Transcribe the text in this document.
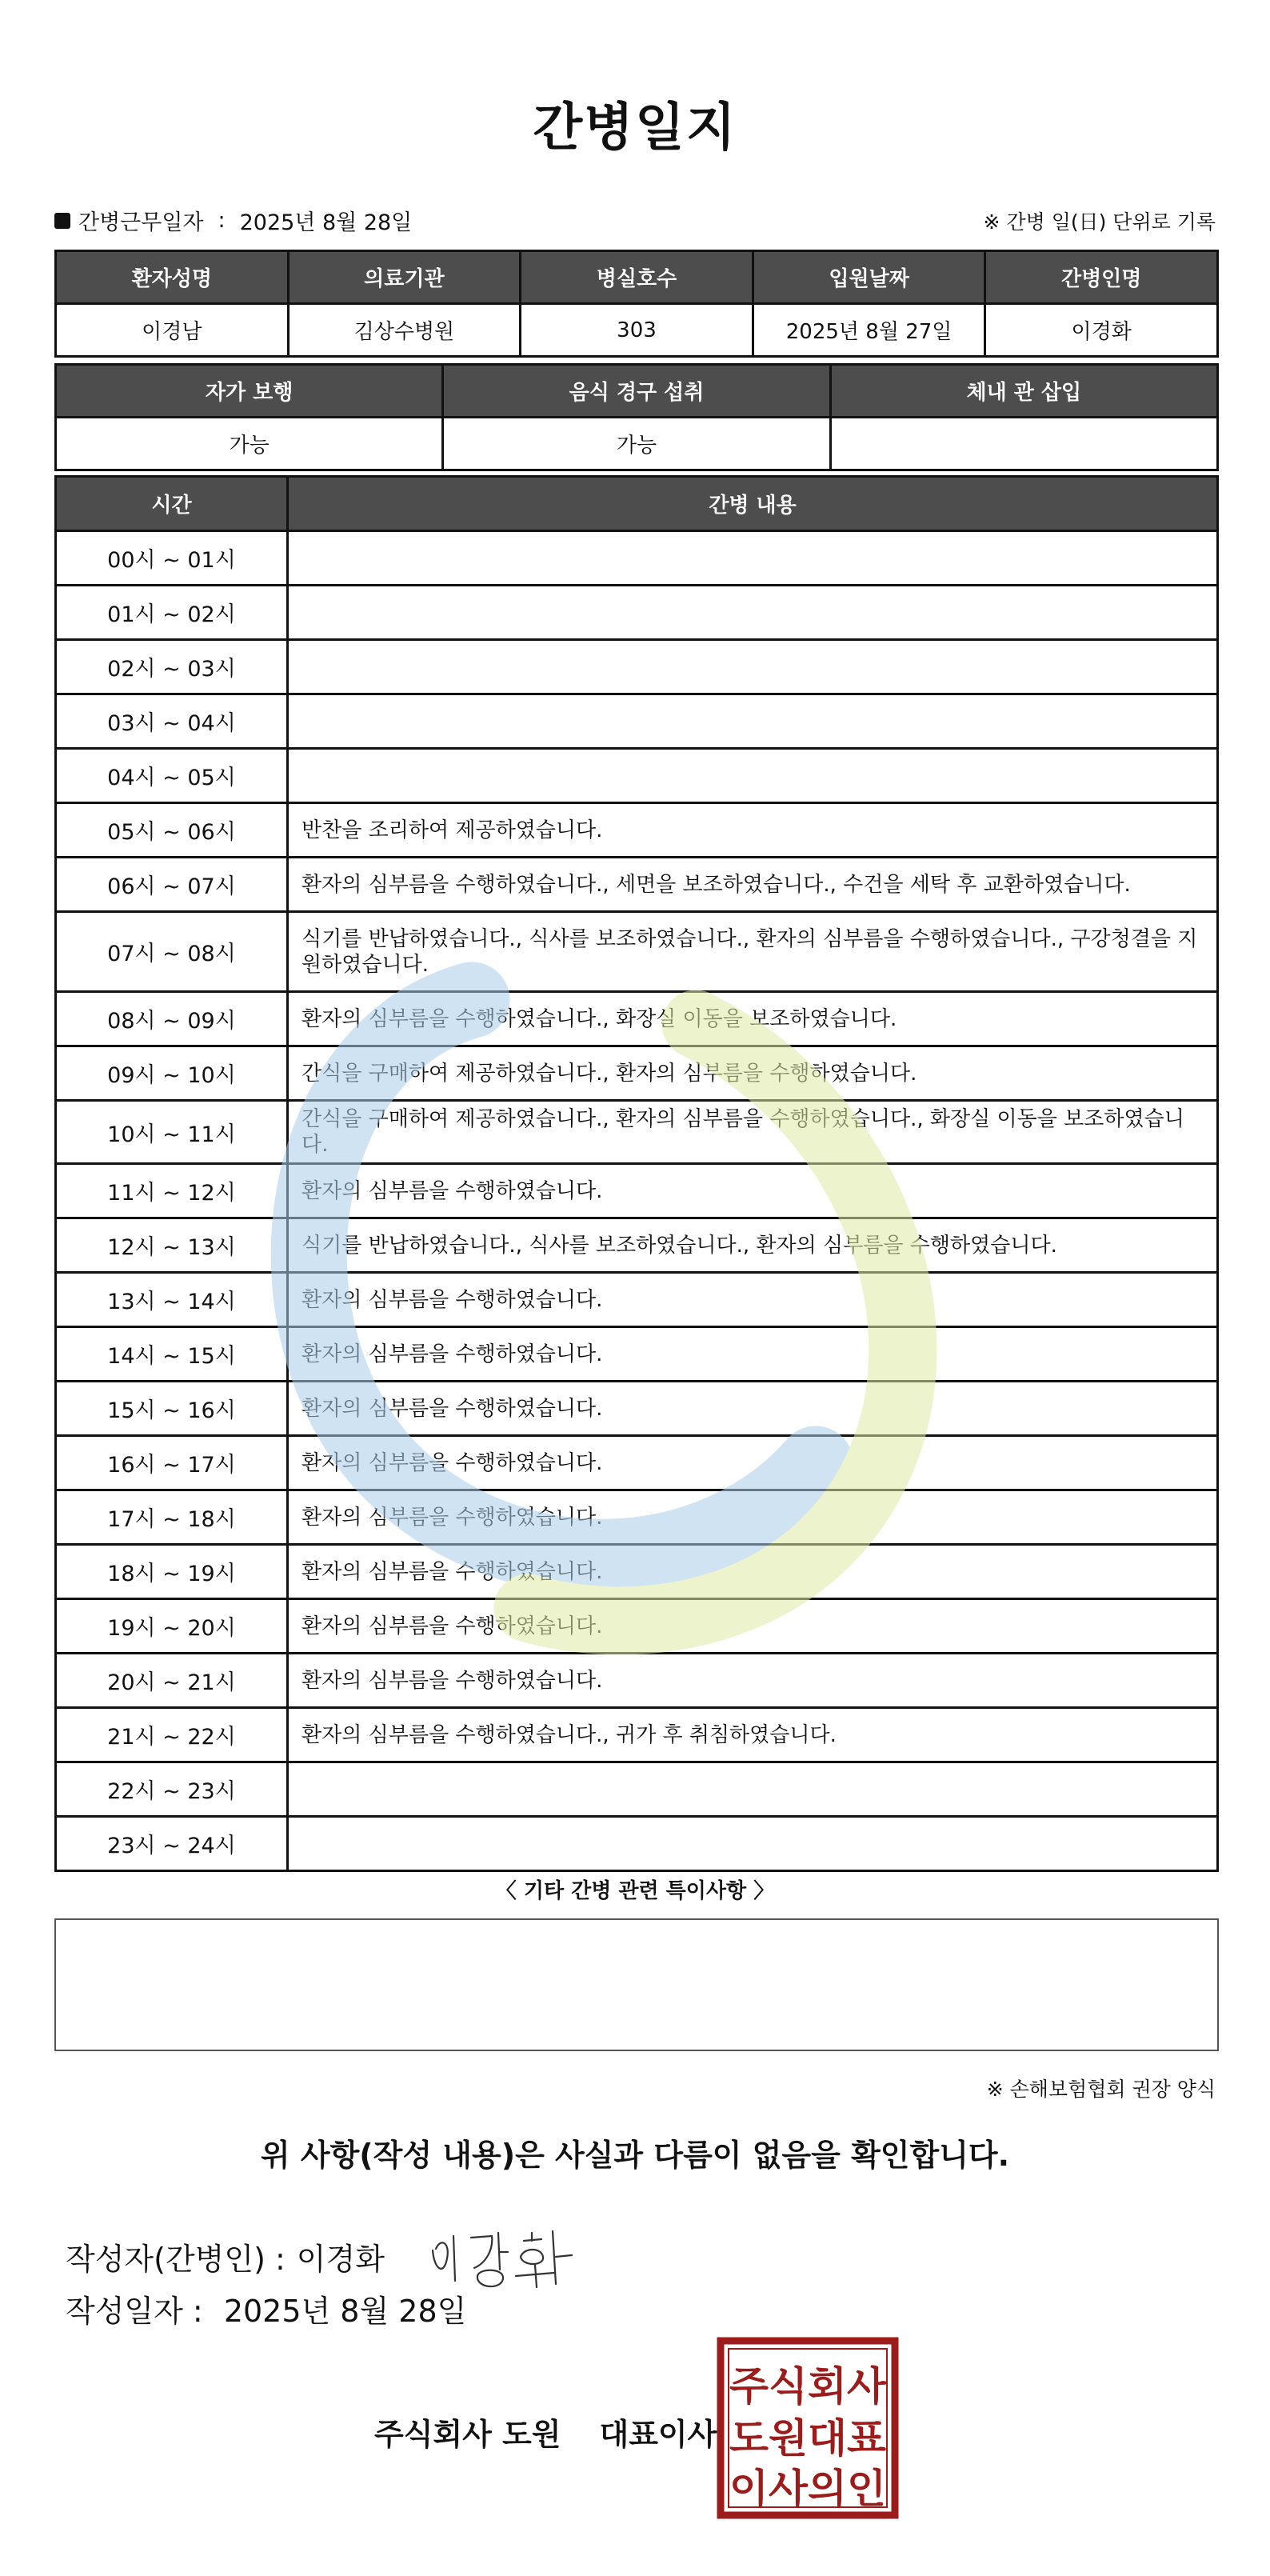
간병일지
간병근무일자 : 2025년 8월 28일	※ 간병 일(日) 단위로 기록
환자성명	의료기관	병실호수	입원날짜	간병인명
이경남	김상수병원	303	2025년 8월 27일	이경화
자가 보행	음식 경구 섭취	체내 관 삽입
가능	가능	
시간	간병 내용
00시 ~ 01시	
01시 ~ 02시	
02시 ~ 03시	
03시 ~ 04시	
04시 ~ 05시	
05시 ~ 06시	반찬을 조리하여 제공하였습니다.
06시 ~ 07시	환자의 심부름을 수행하였습니다., 세면을 보조하였습니다., 수건을 세탁 후 교환하였습니다.
07시 ~ 08시	식기를 반납하였습니다., 식사를 보조하였습니다., 환자의 심부름을 수행하였습니다., 구강청결을 지원하였습니다.
08시 ~ 09시	환자의 심부름을 수행하였습니다., 화장실 이동을 보조하였습니다.
09시 ~ 10시	간식을 구매하여 제공하였습니다., 환자의 심부름을 수행하였습니다.
10시 ~ 11시	간식을 구매하여 제공하였습니다., 환자의 심부름을 수행하였습니다., 화장실 이동을 보조하였습니다.
11시 ~ 12시	환자의 심부름을 수행하였습니다.
12시 ~ 13시	식기를 반납하였습니다., 식사를 보조하였습니다., 환자의 심부름을 수행하였습니다.
13시 ~ 14시	환자의 심부름을 수행하였습니다.
14시 ~ 15시	환자의 심부름을 수행하였습니다.
15시 ~ 16시	환자의 심부름을 수행하였습니다.
16시 ~ 17시	환자의 심부름을 수행하였습니다.
17시 ~ 18시	환자의 심부름을 수행하였습니다.
18시 ~ 19시	환자의 심부름을 수행하였습니다.
19시 ~ 20시	환자의 심부름을 수행하였습니다.
20시 ~ 21시	환자의 심부름을 수행하였습니다.
21시 ~ 22시	환자의 심부름을 수행하였습니다., 귀가 후 취침하였습니다.
22시 ~ 23시	
23시 ~ 24시	
〈 기타 간병 관련 특이사항 〉
※ 손해보험협회 권장 양식
위 사항(작성 내용)은 사실과 다름이 없음을 확인합니다.
작성자(간병인) : 이경화
작성일자 : 2025년 8월 28일
주식회사 도원 대표이사
주식회사
도원대표
이사의인
